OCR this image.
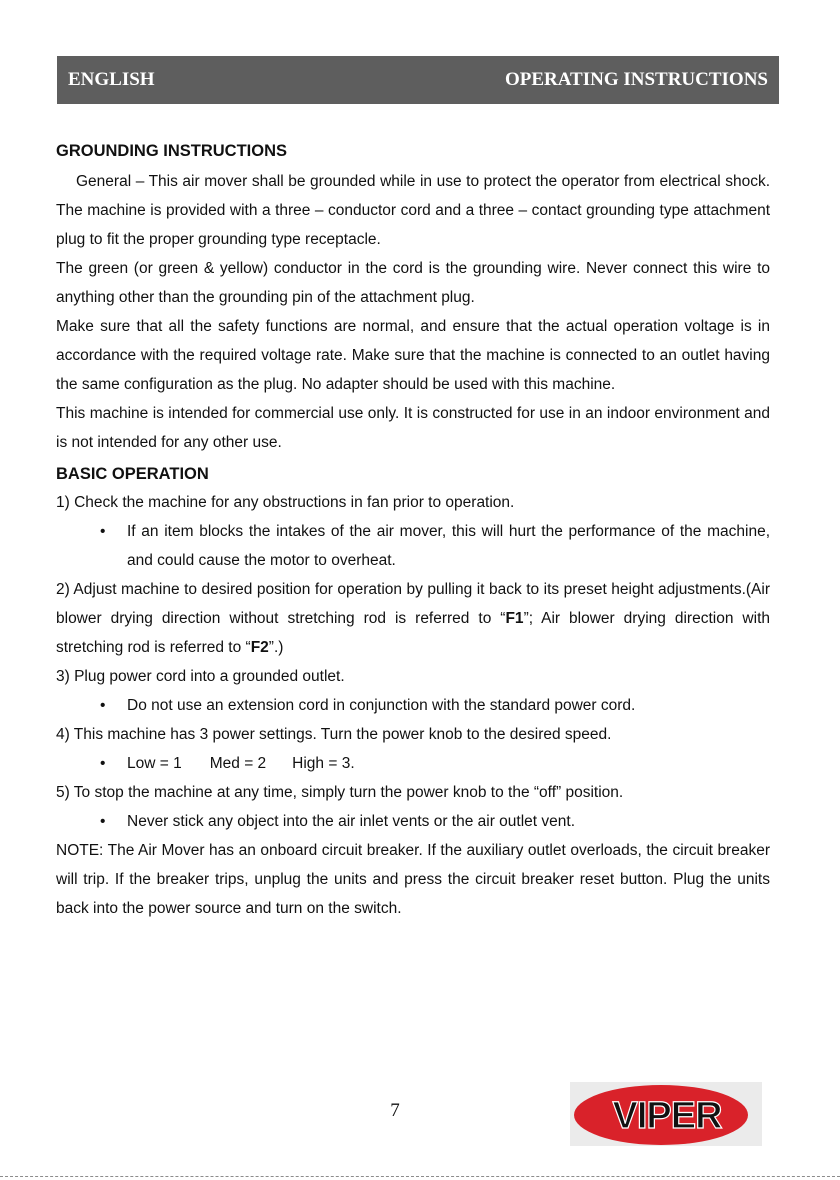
ENGLISH	OPERATING INSTRUCTIONS

GROUNDING INSTRUCTIONS

General – This air mover shall be grounded while in use to protect the operator from electrical shock. The machine is provided with a three – conductor cord and a three – contact grounding type attachment plug to fit the proper grounding type receptacle.

The green (or green & yellow) conductor in the cord is the grounding wire. Never connect this wire to anything other than the grounding pin of the attachment plug.

Make sure that all the safety functions are normal, and ensure that the actual operation voltage is in accordance with the required voltage rate. Make sure that the machine is connected to an outlet having the same configuration as the plug. No adapter should be used with this machine.

This machine is intended for commercial use only. It is constructed for use in an indoor environment and is not intended for any other use.

BASIC OPERATION

1) Check the machine for any obstructions in fan prior to operation.

• If an item blocks the intakes of the air mover, this will hurt the performance of the machine, and could cause the motor to overheat.

2) Adjust machine to desired position for operation by pulling it back to its preset height adjustments.(Air blower drying direction without stretching rod is referred to “F1”; Air blower drying direction with stretching rod is referred to “F2”.)

3) Plug power cord into a grounded outlet.

• Do not use an extension cord in conjunction with the standard power cord.

4) This machine has 3 power settings. Turn the power knob to the desired speed.

• Low = 1 Med = 2 High = 3.

5) To stop the machine at any time, simply turn the power knob to the “off” position.

• Never stick any object into the air inlet vents or the air outlet vent.

NOTE: The Air Mover has an onboard circuit breaker. If the auxiliary outlet overloads, the circuit breaker will trip. If the breaker trips, unplug the units and press the circuit breaker reset button. Plug the units back into the power source and turn on the switch.

7	VIPER
